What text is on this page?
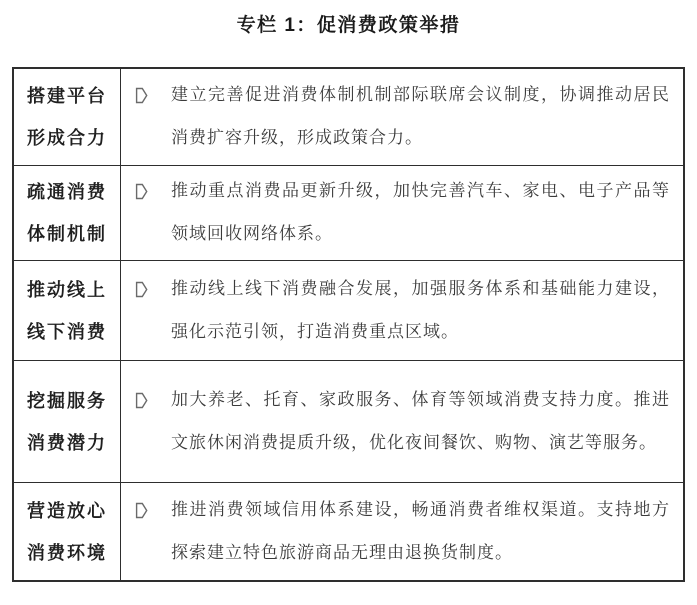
专栏 1：促消费政策举措
搭建平台
形成合力
建立完善促进消费体制机制部际联席会议制度，协调推动居民消费扩容升级，形成政策合力。
疏通消费
体制机制
推动重点消费品更新升级，加快完善汽车、家电、电子产品等领域回收网络体系。
推动线上
线下消费
推动线上线下消费融合发展，加强服务体系和基础能力建设，强化示范引领，打造消费重点区域。
挖掘服务
消费潜力
加大养老、托育、家政服务、体育等领域消费支持力度。推进文旅休闲消费提质升级，优化夜间餐饮、购物、演艺等服务。
营造放心
消费环境
推进消费领域信用体系建设，畅通消费者维权渠道。支持地方探索建立特色旅游商品无理由退换货制度。
